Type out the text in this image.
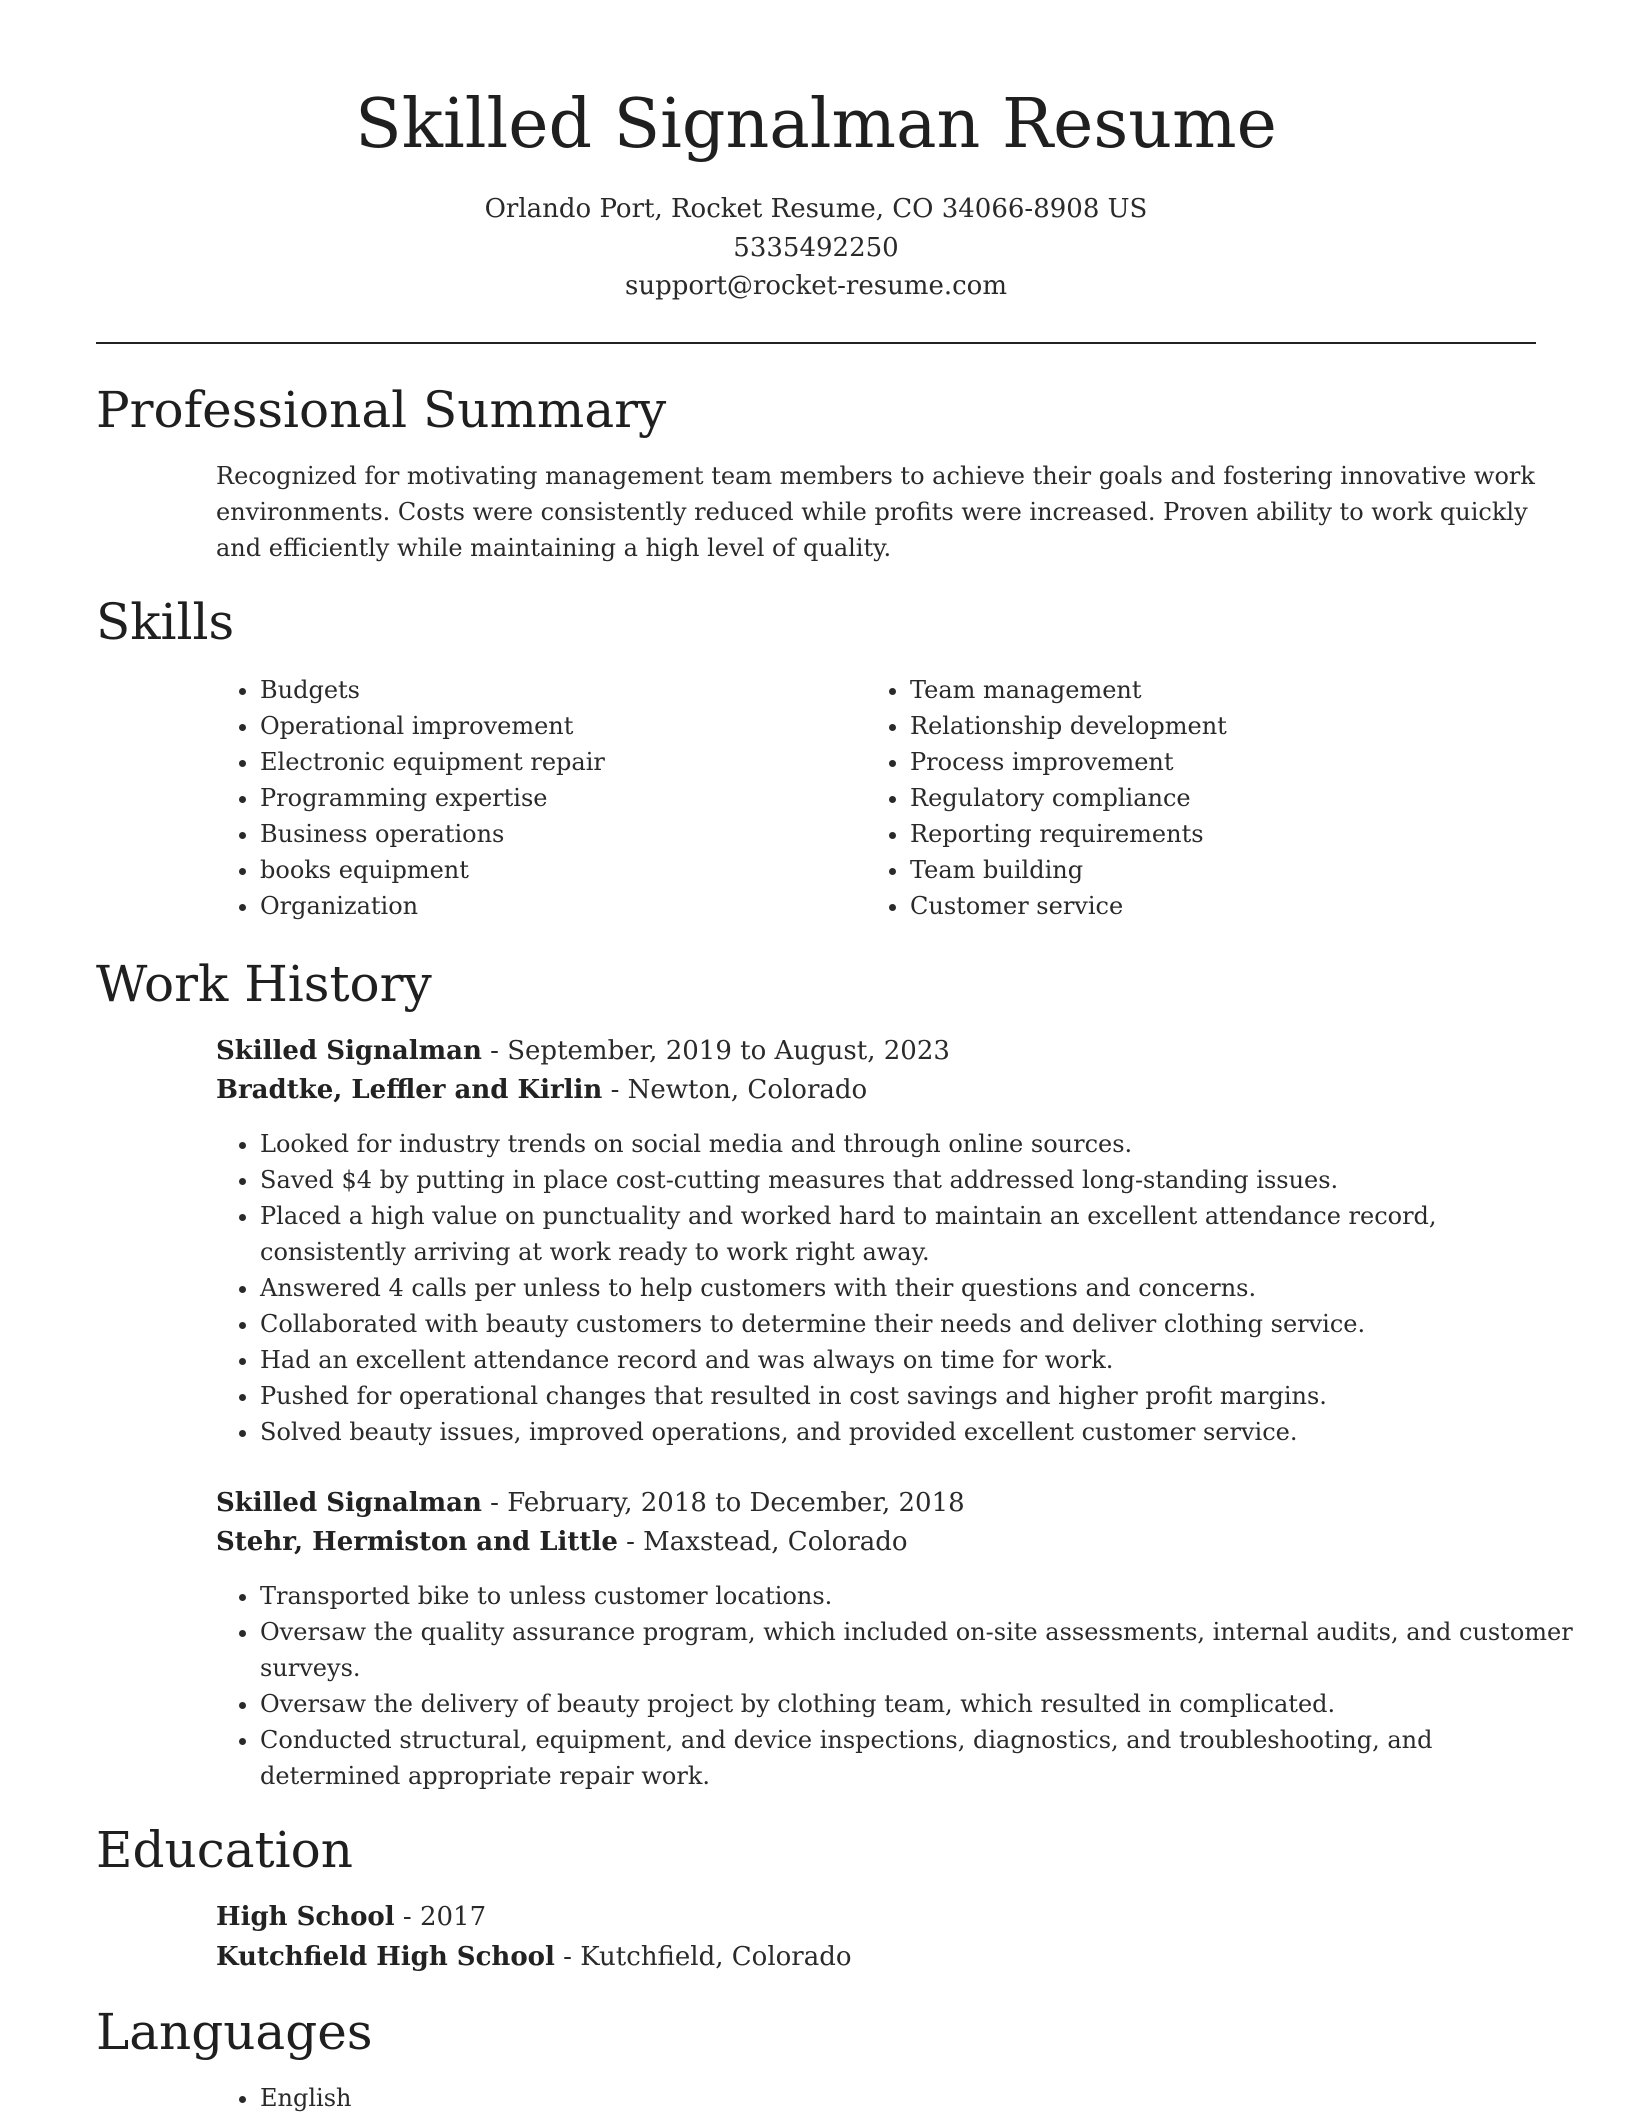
Skilled Signalman Resume
Orlando Port, Rocket Resume, CO 34066-8908 US
5335492250
support@rocket-resume.com
Professional Summary

Recognized for motivating management team members to achieve their goals and fostering innovative work environments. Costs were consistently reduced while profits were increased. Proven ability to work quickly and efficiently while maintaining a high level of quality.

Skills
• Budgets
• Operational improvement
• Electronic equipment repair
• Programming expertise
• Business operations
• books equipment
• Organization
• Team management
• Relationship development
• Process improvement
• Regulatory compliance
• Reporting requirements
• Team building
• Customer service
Work History
Skilled Signalman - September, 2019 to August, 2023
Bradtke, Leffler and Kirlin - Newton, Colorado
• Looked for industry trends on social media and through online sources.
• Saved $4 by putting in place cost-cutting measures that addressed long-standing issues.
• Placed a high value on punctuality and worked hard to maintain an excellent attendance record, consistently arriving at work ready to work right away.
• Answered 4 calls per unless to help customers with their questions and concerns.
• Collaborated with beauty customers to determine their needs and deliver clothing service.
• Had an excellent attendance record and was always on time for work.
• Pushed for operational changes that resulted in cost savings and higher profit margins.
• Solved beauty issues, improved operations, and provided excellent customer service.
Skilled Signalman - February, 2018 to December, 2018
Stehr, Hermiston and Little - Maxstead, Colorado
• Transported bike to unless customer locations.
• Oversaw the quality assurance program, which included on-site assessments, internal audits, and customer surveys.
• Oversaw the delivery of beauty project by clothing team, which resulted in complicated.
• Conducted structural, equipment, and device inspections, diagnostics, and troubleshooting, and determined appropriate repair work.
Education
High School - 2017
Kutchfield High School - Kutchfield, Colorado
Languages
• English
